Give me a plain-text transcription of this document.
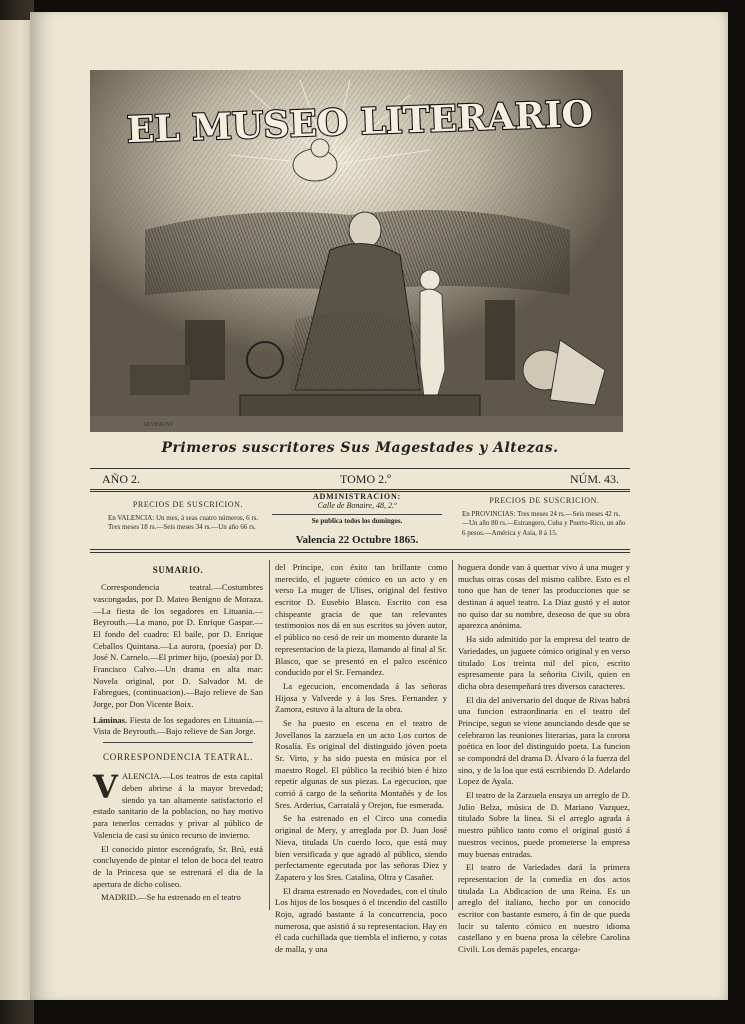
EL MUSEO LITERARIO
SEVERINI
Primeros suscritores Sus Magestades y Altezas.
AÑO 2.	TOMO 2.º	NÚM. 43.
PRECIOS DE SUSCRICION.
En VALENCIA: Un mes, á seas cuatro números, 6 rs. Tres meses 18 rs.—Seis meses 34 rs.—Un año 66 rs.
ADMINISTRACION:
Calle de Bonaire, 48, 2.º
Se publica todos los domingos.
Valencia 22 Octubre 1865.
PRECIOS DE SUSCRICION.
En PROVINCIAS: Tres meses 24 rs.—Seis meses 42 rs.—Un año 80 rs.—Estrangero, Cuba y Puerto-Rico, un año 6 pesos.—América y Asia, 8 á 15.
SUMARIO.

Correspondencia teatral.—Costumbres vascongadas, por D. Mateo Benigno de Moraza.—La fiesta de los segadores en Lituania.—Beyrouth.—La mano, por D. Enrique Gaspar.—El fondo del cuadro: El baile, por D. Enrique Ceballos Quintana.—La aurora, (poesía) por D. José N. Carnelo.—El primer hijo, (poesía) por D. Francisco Calvo.—Un drama en alta mar: Novela original, por D. Salvador M. de Fabregues, (continuacion).—Bajo relieve de San Jorge, por Don Vicente Boix.

Láminas. Fiesta de los segadores en Lituania.—Vista de Beyrouth.—Bajo relieve de San Jorge.

CORRESPONDENCIA TEATRAL.

VALENCIA.—Los teatros de esta capital deben abrirse á la mayor brevedad; siendo ya tan altamente satisfactorio el estado sanitario de la poblacion, no hay motivo para tenerlos cerrados y privar al público de Valencia de casi su único recurso de invierno.

El conocido pintor escenógrafo, Sr. Brú, está concluyendo de pintar el telon de boca del teatro de la Princesa que se estrenará el dia de la apertura de dicho coliseo.

MADRID.—Se ha estrenado en el teatro

del Principe, con éxito tan brillante como merecido, el juguete cómico en un acto y en verso La muger de Ulises, original del festivo escritor D. Eusebio Blasco. Escrito con esa chispeante gracia de que tan relevantes testimonios nos dá en sus escritos su jóven autor, el público no cesó de reir un momento durante la representacion de la pieza, llamando al final al Sr. Blasco, que se presentó en el palco escénico conducido por el Sr. Fernandez.

La egecucion, encomendada á las señoras Hijosa y Valverde y á los Sres. Fernandez y Zamora, estuvo á la altura de la obra.

Se ha puesto en escena en el teatro de Jovellanos la zarzuela en un acto Los cortos de Rosalía. Es original del distinguido jóven poeta Sr. Virto, y ha sido puesta en música por el maestro Rogel. El público la recibió bien é hizo repetir algunas de sus piezas. La egecucion, que corrió á cargo de la señorita Montañés y de los Sres. Arderius, Carratalá y Orejon, fue esmerada.

Se ha estrenado en el Circo una comedia original de Mery, y arreglada por D. Juan José Nieva, titulada Un cuerdo loco, que está muy bien versificada y que agradó al público, siendo perfectamente egecutada por las señoras Diez y Zapatero y los Sres. Catalina, Oltra y Casañer.

El drama estrenado en Novedades, con el título Los hijos de los bosques ó el incendio del castillo Rojo, agradó bastante á la concurrencia, poco numerosa, que asistió á su representacion. Hay en él cada cuchillada que tiembla el infierno, y cotas de malla, y una

hoguera donde van á quemar vivo á una muger y muchas otras cosas del mismo calibre. Esto es el tono que han de tener las producciones que se destinan á aquel teatro. La Diaz gustó y el autor no quiso dar su nombre, deseoso de que su obra aparezca anónima.

Ha sido admitido por la empresa del teatro de Variedades, un juguete cómico original y en verso titulado Los treinta mil del pico, escrito espresamente para la señorita Civili, quien en dicha obra desempeñará tres diversos caracteres.

El dia del aniversario del duque de Rivas habrá una funcion estraordinaria en el teatro del Principe, segun se viene anunciando desde que se celebraron las reuniones literarias, para la corona poética en loor del distinguido poeta. La funcion se compondrá del drama D. Álvaro ó la fuerza del sino, y de la loa que está escribiendo D. Adelardo Lopez de Ayala.

El teatro de la Zarzuela ensaya un arreglo de D. Julio Belza, música de D. Mariano Vazquez, titulado Sobre la linea. Si el arreglo agrada á nuestro público tanto como el original gustó á nuestros vecinos, puede prometerse la empresa muy buenas entradas.

El teatro de Variedades dará la primera representacion de la comedia en dos actos titulada La Abdicacion de una Reina. Es un arreglo del italiano, hecho por un conocido escritor con bastante esmero, á fin de que pueda lucir su talento cómico en nuestro idioma castellano y en buena prosa la célebre Carolina Civili. Los demás papeles, encarga-
